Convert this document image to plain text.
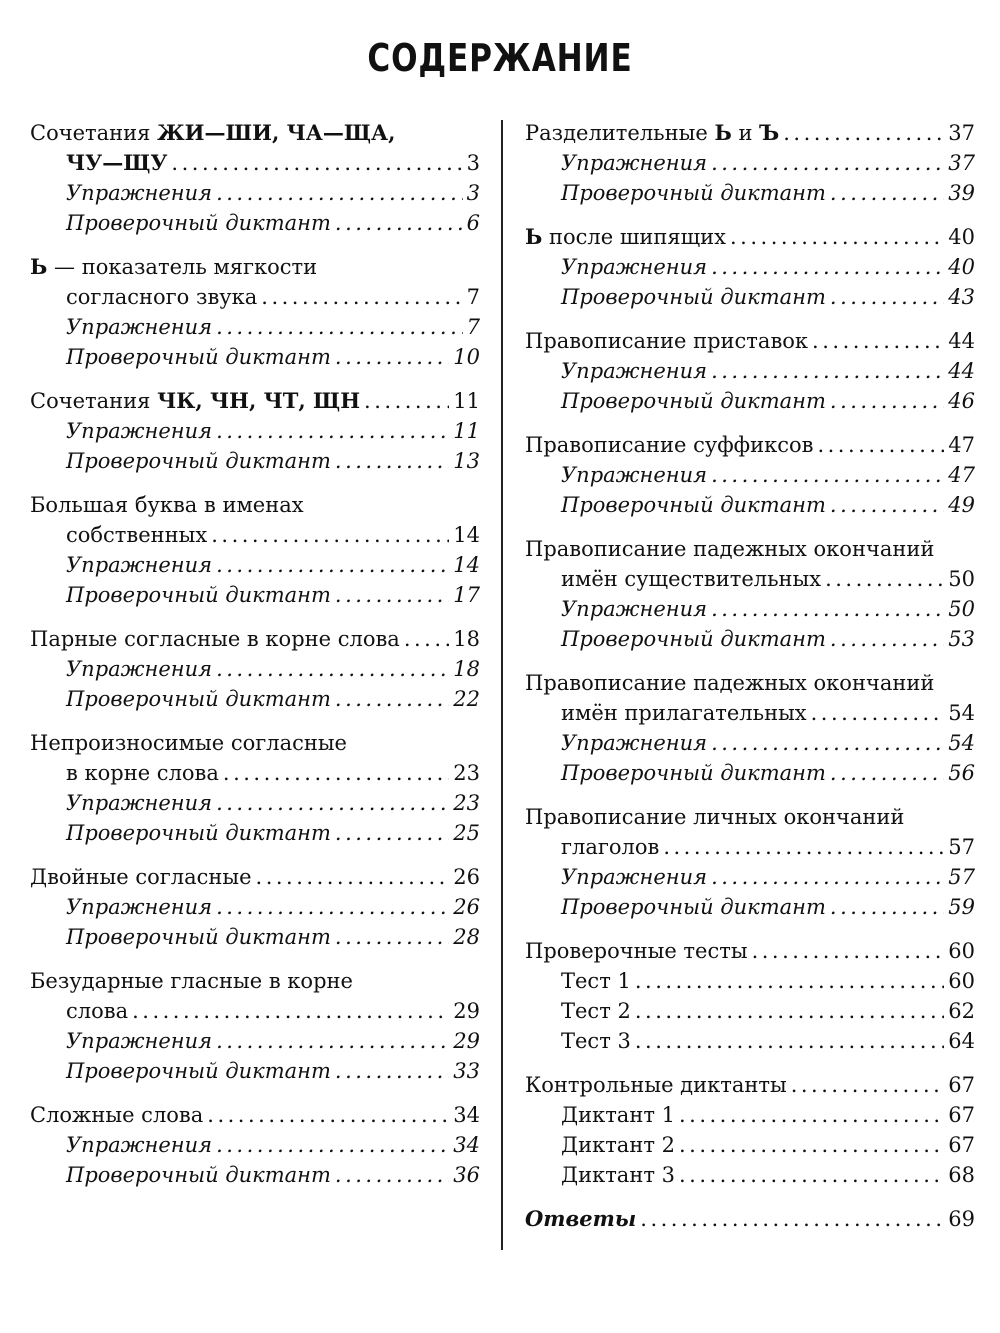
СОДЕРЖАНИЕ
Сочетания ЖИ—ШИ, ЧА—ЩА,
ЧУ—ЩУ .....	3
Упражнения .....	3
Проверочный диктант .....	6
Ь — показатель мягкости
согласного звука .....	7
Упражнения .....	7
Проверочный диктант .....	10
Сочетания ЧК, ЧН, ЧТ, ЩН .....	11
Упражнения .....	11
Проверочный диктант .....	13
Большая буква в именах
собственных .....	14
Упражнения .....	14
Проверочный диктант .....	17
Парные согласные в корне слова .....	18
Упражнения .....	18
Проверочный диктант .....	22
Непроизносимые согласные
в корне слова .....	23
Упражнения .....	23
Проверочный диктант .....	25
Двойные согласные .....	26
Упражнения .....	26
Проверочный диктант .....	28
Безударные гласные в корне
слова .....	29
Упражнения .....	29
Проверочный диктант .....	33
Сложные слова .....	34
Упражнения .....	34
Проверочный диктант .....	36
Разделительные Ь и Ъ .....	37
Упражнения .....	37
Проверочный диктант .....	39
Ь после шипящих .....	40
Упражнения .....	40
Проверочный диктант .....	43
Правописание приставок .....	44
Упражнения .....	44
Проверочный диктант .....	46
Правописание суффиксов .....	47
Упражнения .....	47
Проверочный диктант .....	49
Правописание падежных окончаний
имён существительных .....	50
Упражнения .....	50
Проверочный диктант .....	53
Правописание падежных окончаний
имён прилагательных .....	54
Упражнения .....	54
Проверочный диктант .....	56
Правописание личных окончаний
глаголов .....	57
Упражнения .....	57
Проверочный диктант .....	59
Проверочные тесты .....	60
Тест 1 .....	60
Тест 2 .....	62
Тест 3 .....	64
Контрольные диктанты .....	67
Диктант 1 .....	67
Диктант 2 .....	67
Диктант 3 .....	68
Ответы .....	69
